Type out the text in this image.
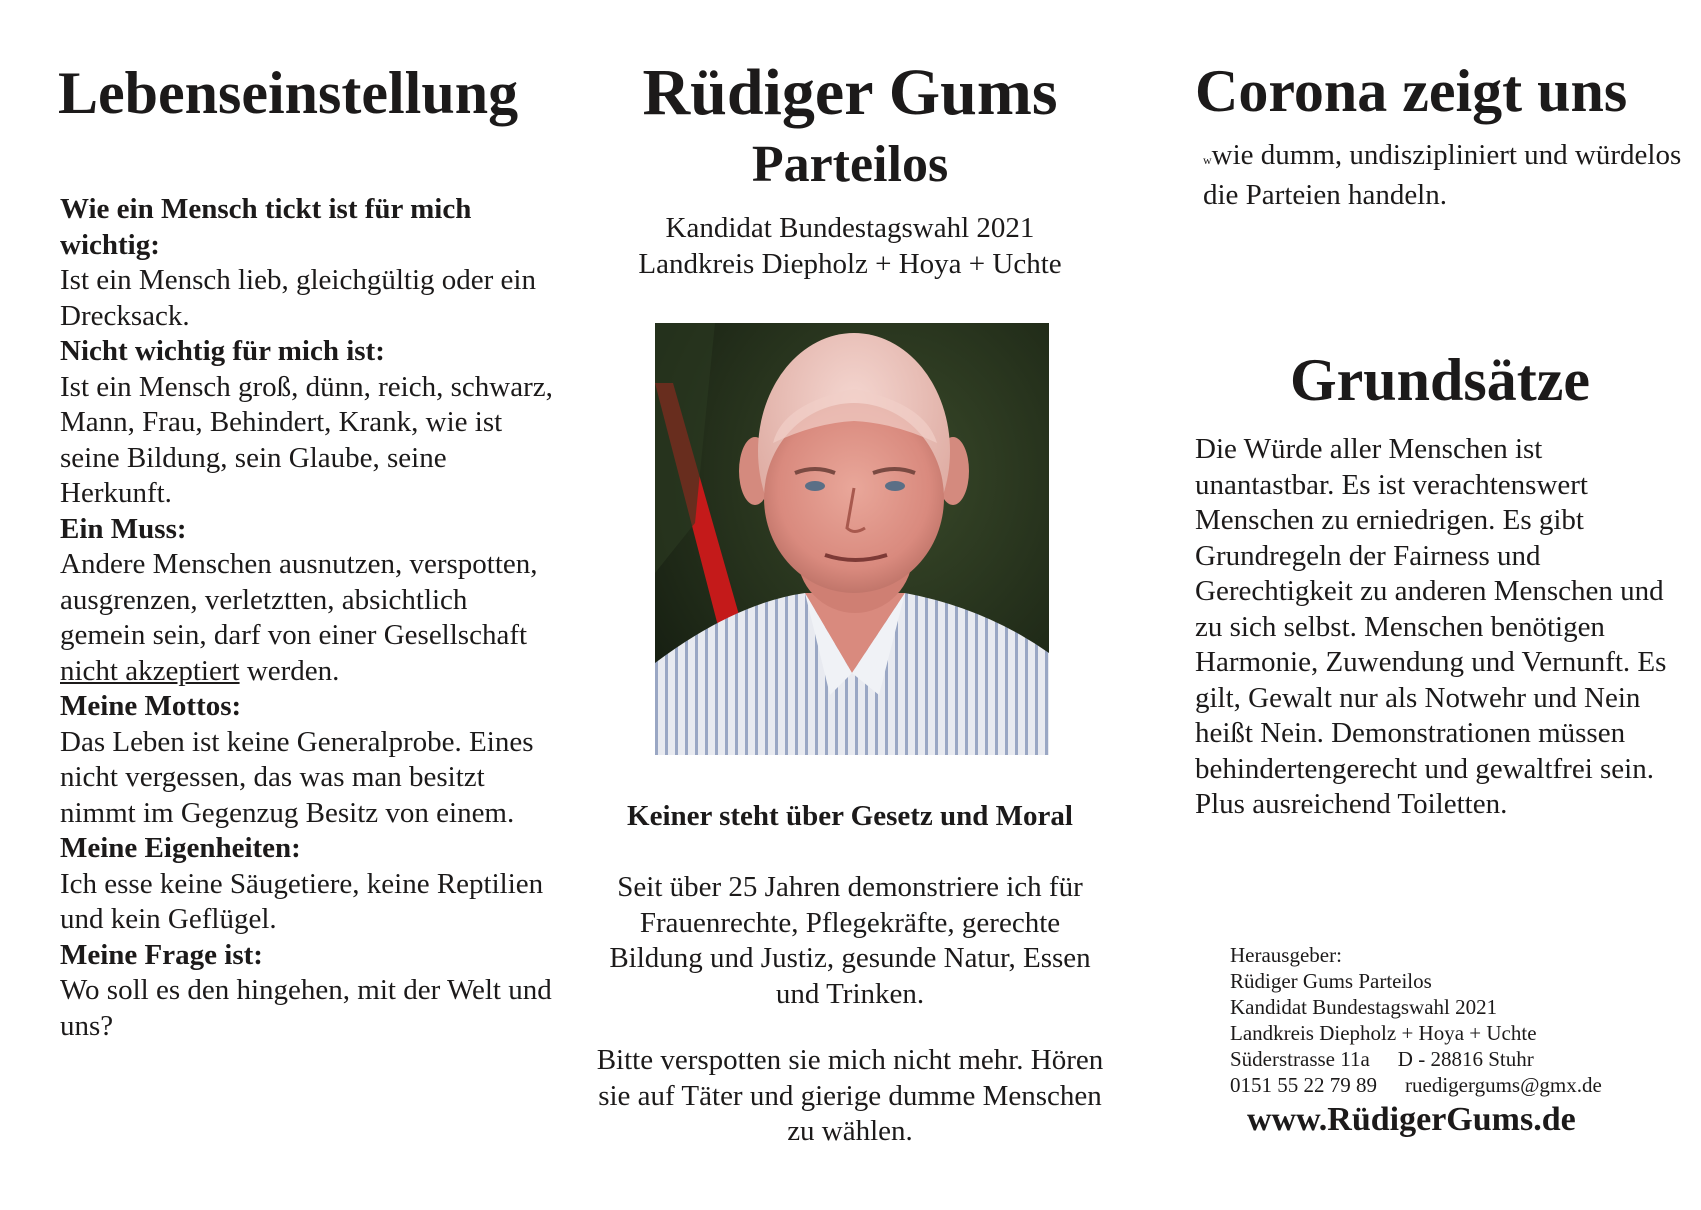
Lebenseinstellung
Wie ein Mensch tickt ist für mich wichtig:
Ist ein Mensch lieb, gleichgültig oder ein Drecksack.
Nicht wichtig für mich ist:
Ist ein Mensch groß, dünn, reich, schwarz, Mann, Frau, Behindert, Krank, wie ist seine Bildung, sein Glaube, seine Herkunft.
Ein Muss:
Andere Menschen ausnutzen, verspotten, ausgrenzen, verletztten, absichtlich gemein sein, darf von einer Gesellschaft nicht akzeptiert werden.
Meine Mottos:
Das Leben ist keine Generalprobe. Eines nicht vergessen, das was man besitzt nimmt im Gegenzug Besitz von einem.
Meine Eigenheiten:
Ich esse keine Säugetiere, keine Reptilien und kein Geflügel.
Meine Frage ist:
Wo soll es den hingehen, mit der Welt und uns?
Rüdiger Gums
Parteilos
Kandidat Bundestagswahl 2021
Landkreis Diepholz + Hoya + Uchte
Keiner steht über Gesetz und Moral
Seit über 25 Jahren demonstriere ich für Frauenrechte, Pflegekräfte, gerechte Bildung und Justiz, gesunde Natur, Essen und Trinken.
Bitte verspotten sie mich nicht mehr. Hören sie auf Täter und gierige dumme Menschen zu wählen.
Corona zeigt uns
wwie dumm, undiszipliniert und würdelos die Parteien handeln.
Grundsätze
Die Würde aller Menschen ist unantastbar. Es ist verachtenswert Menschen zu erniedrigen. Es gibt Grundregeln der Fairness und Gerechtigkeit zu anderen Menschen und zu sich selbst. Menschen benötigen Harmonie, Zuwendung und Vernunft. Es gilt, Gewalt nur als Notwehr und Nein heißt Nein. Demonstrationen müssen behindertengerecht und gewaltfrei sein. Plus ausreichend Toiletten.
Herausgeber:
Rüdiger Gums Parteilos
Kandidat Bundestagswahl 2021
Landkreis Diepholz + Hoya + Uchte
Süderstrasse 11a D - 28816 Stuhr
0151 55 22 79 89 ruedigergums@gmx.de
www.RüdigerGums.de
